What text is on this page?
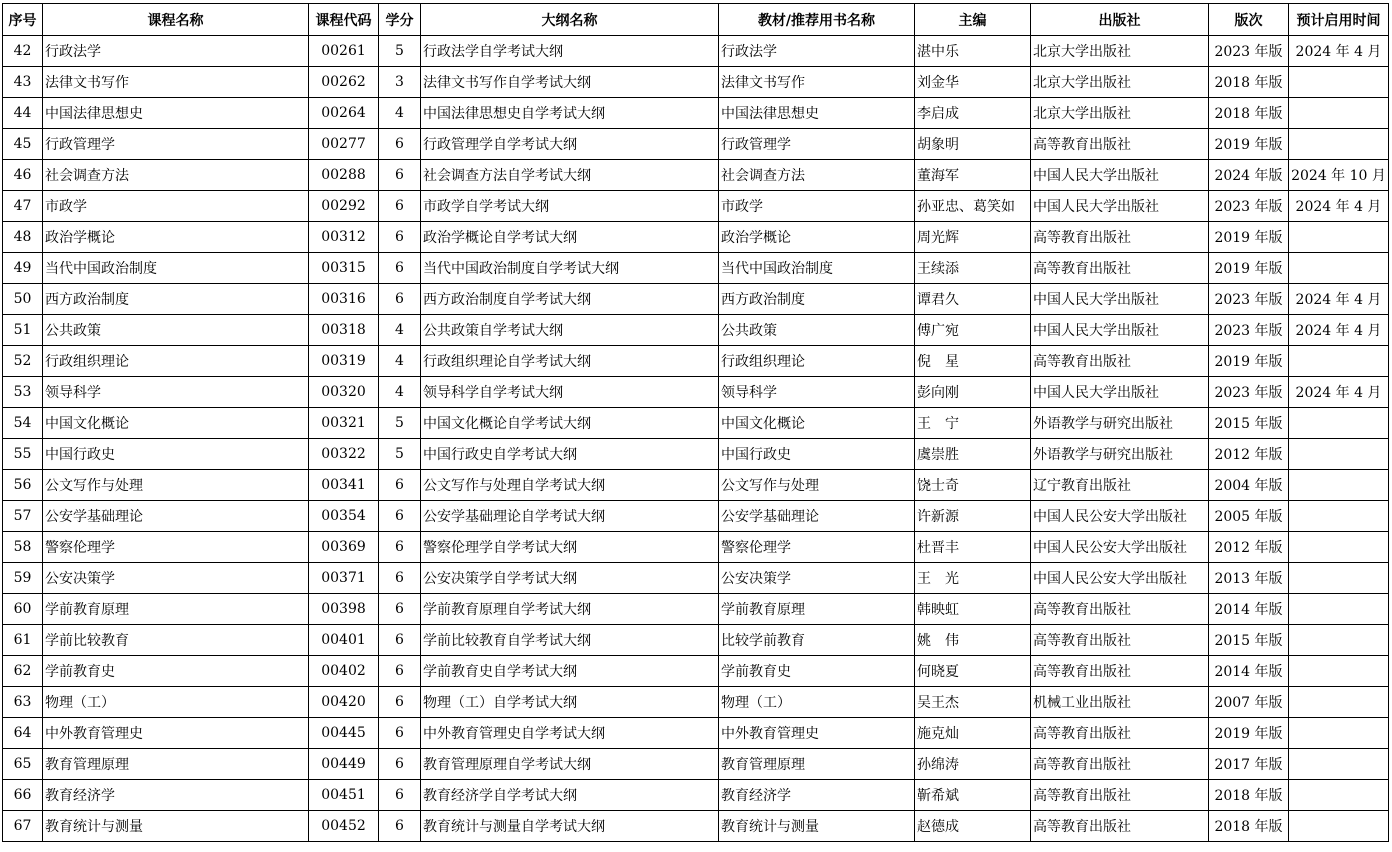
序号	课程名称	课程代码	学分	大纲名称	教材/推荐用书名称	主编	出版社	版次	预计启用时间
42	行政法学	00261	5	行政法学自学考试大纲	行政法学	湛中乐	北京大学出版社	2023 年版	2024 年 4 月
43	法律文书写作	00262	3	法律文书写作自学考试大纲	法律文书写作	刘金华	北京大学出版社	2018 年版	
44	中国法律思想史	00264	4	中国法律思想史自学考试大纲	中国法律思想史	李启成	北京大学出版社	2018 年版	
45	行政管理学	00277	6	行政管理学自学考试大纲	行政管理学	胡象明	高等教育出版社	2019 年版	
46	社会调查方法	00288	6	社会调查方法自学考试大纲	社会调查方法	董海军	中国人民大学出版社	2024 年版	2024 年 10 月
47	市政学	00292	6	市政学自学考试大纲	市政学	孙亚忠、葛笑如	中国人民大学出版社	2023 年版	2024 年 4 月
48	政治学概论	00312	6	政治学概论自学考试大纲	政治学概论	周光辉	高等教育出版社	2019 年版	
49	当代中国政治制度	00315	6	当代中国政治制度自学考试大纲	当代中国政治制度	王续添	高等教育出版社	2019 年版	
50	西方政治制度	00316	6	西方政治制度自学考试大纲	西方政治制度	谭君久	中国人民大学出版社	2023 年版	2024 年 4 月
51	公共政策	00318	4	公共政策自学考试大纲	公共政策	傅广宛	中国人民大学出版社	2023 年版	2024 年 4 月
52	行政组织理论	00319	4	行政组织理论自学考试大纲	行政组织理论	倪　星	高等教育出版社	2019 年版	
53	领导科学	00320	4	领导科学自学考试大纲	领导科学	彭向刚	中国人民大学出版社	2023 年版	2024 年 4 月
54	中国文化概论	00321	5	中国文化概论自学考试大纲	中国文化概论	王　宁	外语教学与研究出版社	2015 年版	
55	中国行政史	00322	5	中国行政史自学考试大纲	中国行政史	虞崇胜	外语教学与研究出版社	2012 年版	
56	公文写作与处理	00341	6	公文写作与处理自学考试大纲	公文写作与处理	饶士奇	辽宁教育出版社	2004 年版	
57	公安学基础理论	00354	6	公安学基础理论自学考试大纲	公安学基础理论	许新源	中国人民公安大学出版社	2005 年版	
58	警察伦理学	00369	6	警察伦理学自学考试大纲	警察伦理学	杜晋丰	中国人民公安大学出版社	2012 年版	
59	公安决策学	00371	6	公安决策学自学考试大纲	公安决策学	王　光	中国人民公安大学出版社	2013 年版	
60	学前教育原理	00398	6	学前教育原理自学考试大纲	学前教育原理	韩映虹	高等教育出版社	2014 年版	
61	学前比较教育	00401	6	学前比较教育自学考试大纲	比较学前教育	姚　伟	高等教育出版社	2015 年版	
62	学前教育史	00402	6	学前教育史自学考试大纲	学前教育史	何晓夏	高等教育出版社	2014 年版	
63	物理（工）	00420	6	物理（工）自学考试大纲	物理（工）	吴王杰	机械工业出版社	2007 年版	
64	中外教育管理史	00445	6	中外教育管理史自学考试大纲	中外教育管理史	施克灿	高等教育出版社	2019 年版	
65	教育管理原理	00449	6	教育管理原理自学考试大纲	教育管理原理	孙绵涛	高等教育出版社	2017 年版	
66	教育经济学	00451	6	教育经济学自学考试大纲	教育经济学	靳希斌	高等教育出版社	2018 年版	
67	教育统计与测量	00452	6	教育统计与测量自学考试大纲	教育统计与测量	赵德成	高等教育出版社	2018 年版	
